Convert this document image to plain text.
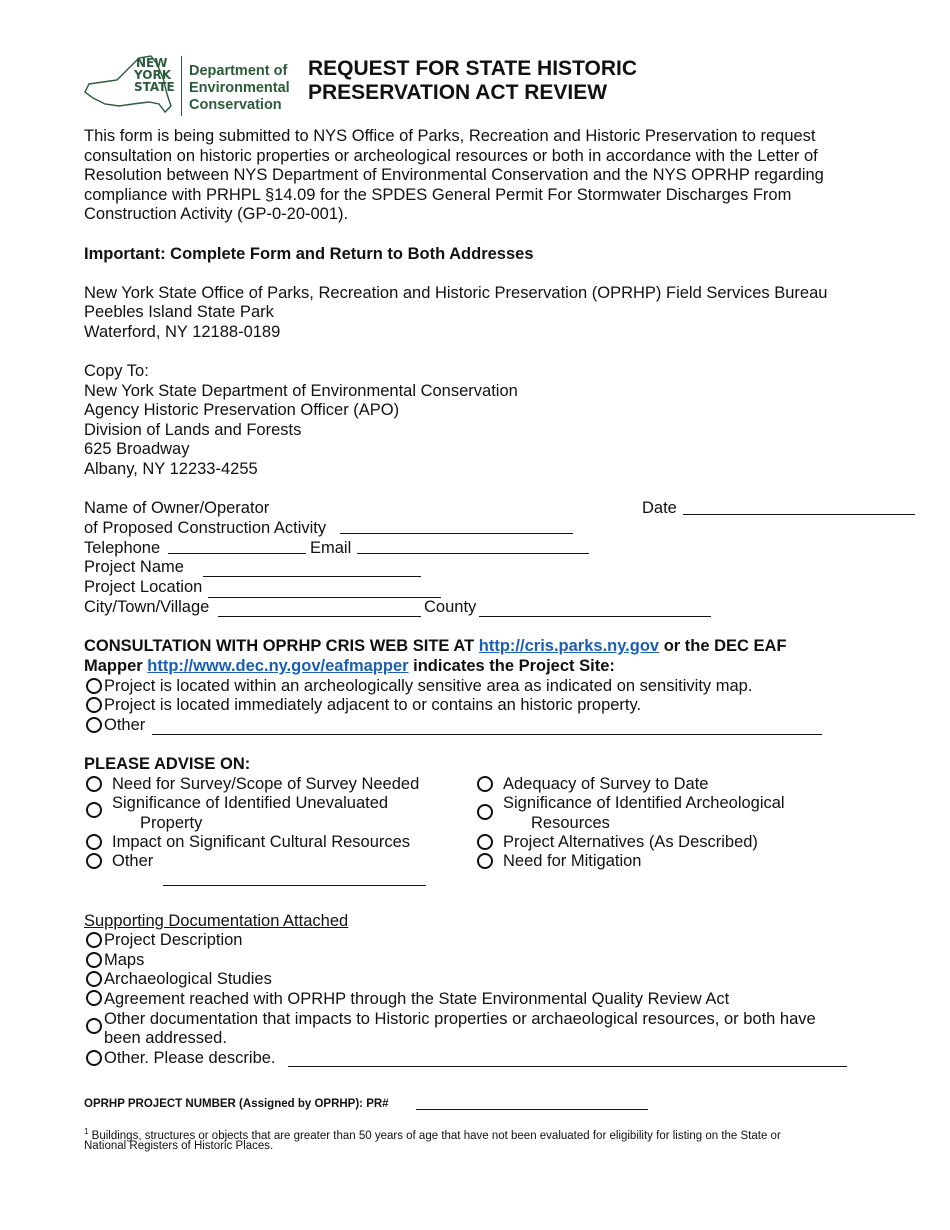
NEW
YORK
STATE
Department of
Environmental
Conservation
REQUEST FOR STATE HISTORIC
PRESERVATION ACT REVIEW
This form is being submitted to NYS Office of Parks, Recreation and Historic Preservation to request
consultation on historic properties or archeological resources or both in accordance with the Letter of
Resolution between NYS Department of Environmental Conservation and the NYS OPRHP regarding
compliance with PRHPL §14.09 for the SPDES General Permit For Stormwater Discharges From
Construction Activity (GP-0-20-001).
Important: Complete Form and Return to Both Addresses
New York State Office of Parks, Recreation and Historic Preservation (OPRHP) Field Services Bureau
Peebles Island State Park
Waterford, NY 12188-0189
Copy To:
New York State Department of Environmental Conservation
Agency Historic Preservation Officer (APO)
Division of Lands and Forests
625 Broadway
Albany, NY 12233-4255
Name of Owner/Operator	Date
of Proposed Construction Activity
Telephone	Email
Project Name
Project Location
City/Town/Village	County
CONSULTATION WITH OPRHP CRIS WEB SITE AT http://cris.parks.ny.gov or the DEC EAF
Mapper http://www.dec.ny.gov/eafmapper indicates the Project Site:
Project is located within an archeologically sensitive area as indicated on sensitivity map.
Project is located immediately adjacent to or contains an historic property.
Other
PLEASE ADVISE ON:
Need for Survey/Scope of Survey Needed
Significance of Identified Unevaluated
Property
Impact on Significant Cultural Resources
Other
Adequacy of Survey to Date
Significance of Identified Archeological
Resources
Project Alternatives (As Described)
Need for Mitigation
Supporting Documentation Attached
Project Description
Maps
Archaeological Studies
Agreement reached with OPRHP through the State Environmental Quality Review Act
Other documentation that impacts to Historic properties or archaeological resources, or both have
been addressed.
Other. Please describe.
OPRHP PROJECT NUMBER (Assigned by OPRHP): PR#
$^1$ Buildings, structures or objects that are greater than 50 years of age that have not been evaluated for eligibility for listing on the State or
National Registers of Historic Places.
